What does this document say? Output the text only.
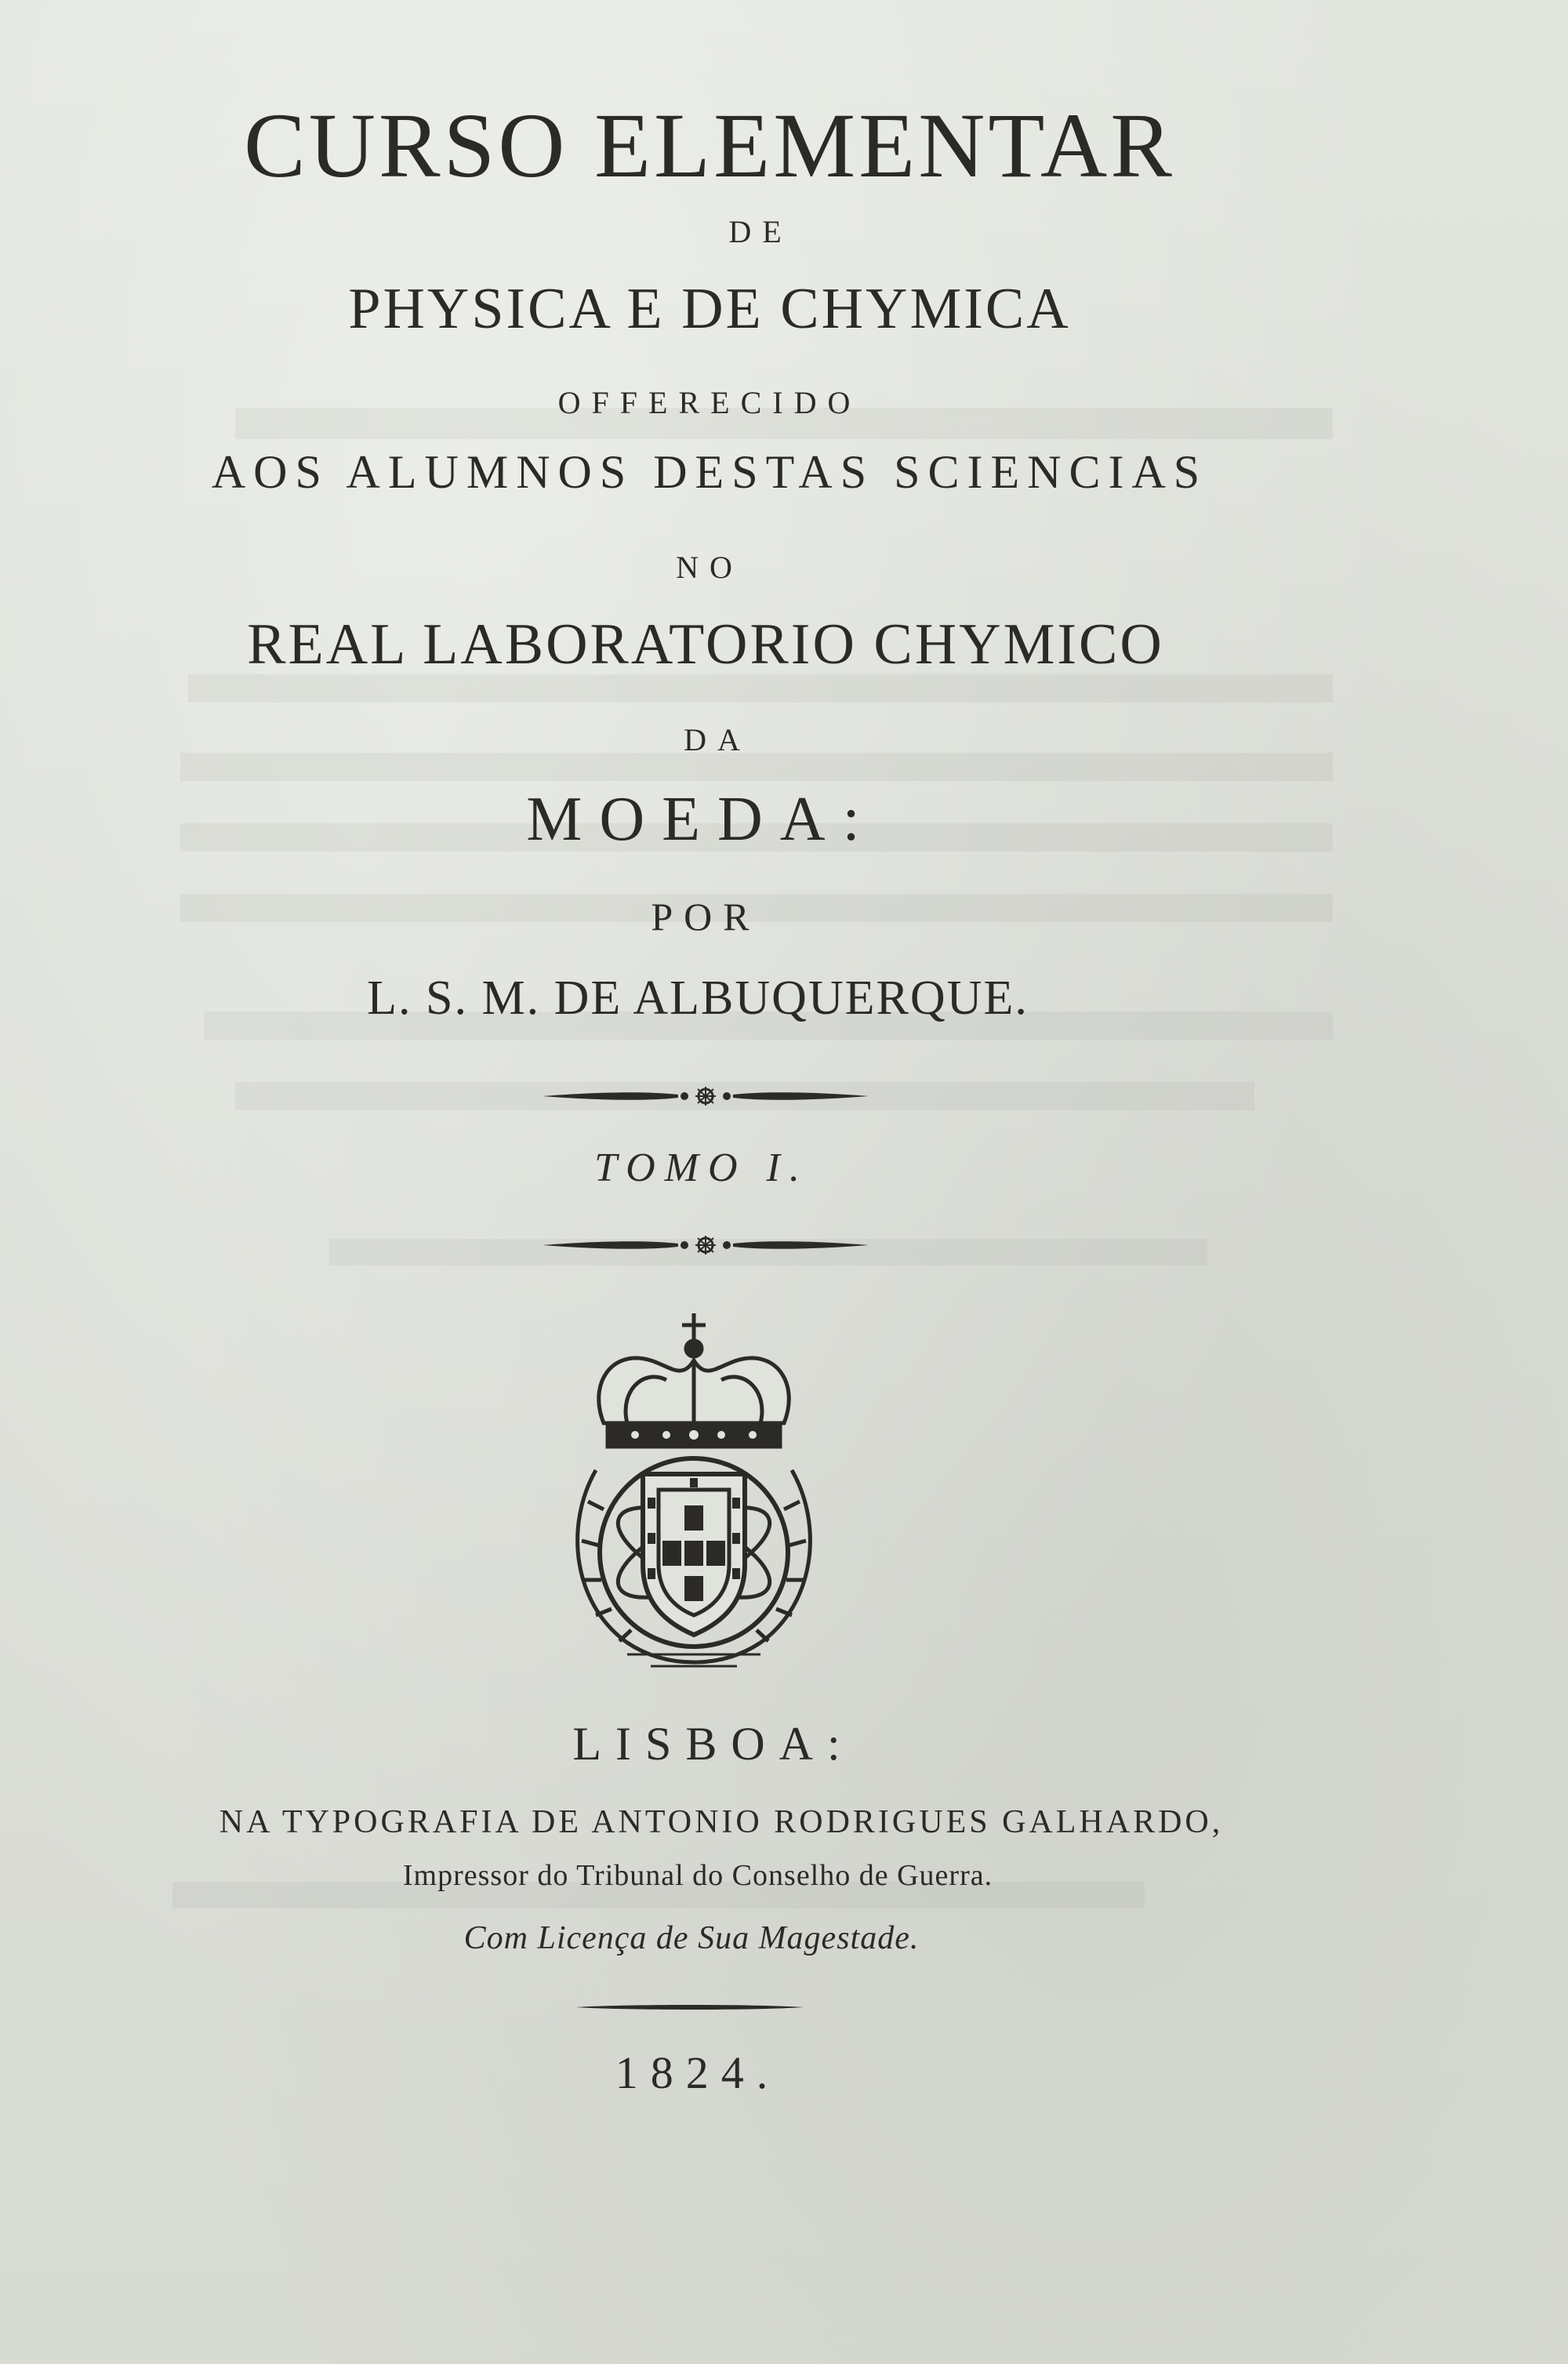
CURSO ELEMENTAR
DE
PHYSICA E DE CHYMICA
OFFERECIDO
AOS ALUMNOS DESTAS SCIENCIAS
NO
REAL LABORATORIO CHYMICO
DA
MOEDA:
POR
L. S. M. DE ALBUQUERQUE.
TOMO I.
LISBOA:
NA TYPOGRAFIA DE ANTONIO RODRIGUES GALHARDO,
Impressor do Tribunal do Conselho de Guerra.
Com Licença de Sua Magestade.
1824.
